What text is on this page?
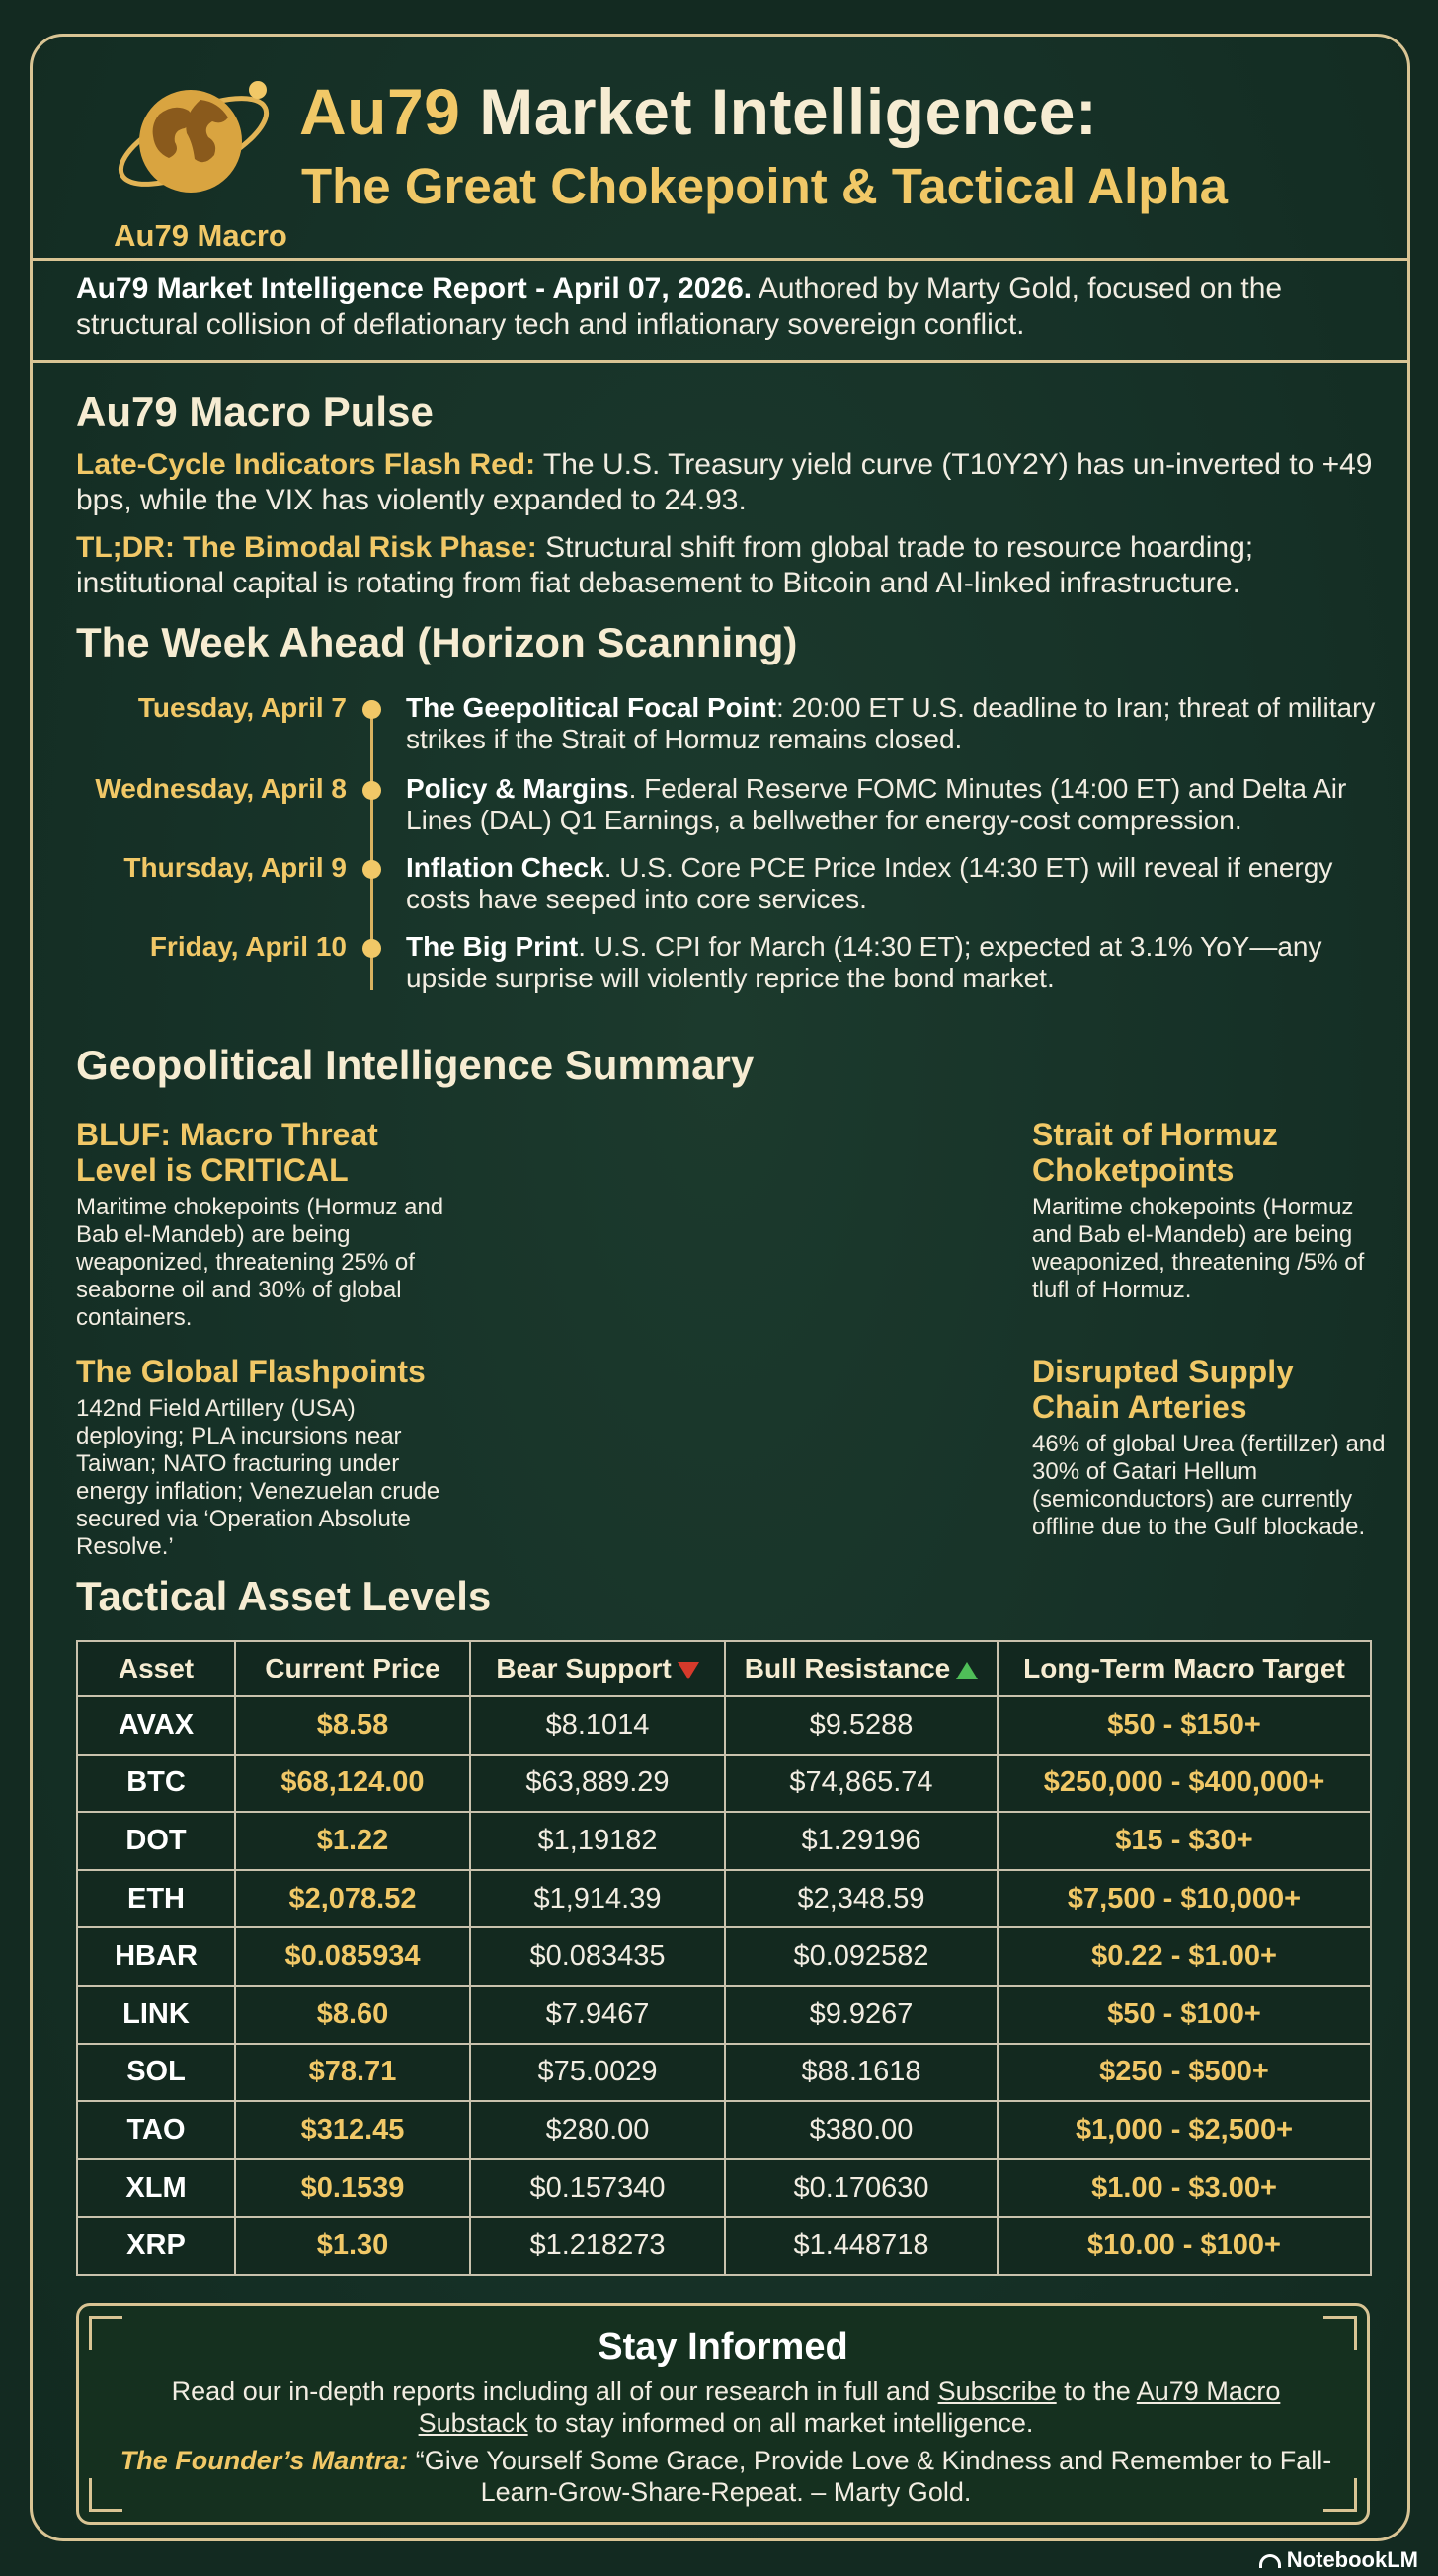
Au79 Macro
Au79 Market Intelligence:
The Great Chokepoint & Tactical Alpha
Au79 Market Intelligence Report - April 07, 2026. Authored by Marty Gold, focused on the structural collision of deflationary tech and inflationary sovereign conflict.
Au79 Macro Pulse
Late-Cycle Indicators Flash Red: The U.S. Treasury yield curve (T10Y2Y) has un-inverted to +49 bps, while the VIX has violently expanded to 24.93.
TL;DR: The Bimodal Risk Phase: Structural shift from global trade to resource hoarding; institutional capital is rotating from fiat debasement to Bitcoin and AI-linked infrastructure.
The Week Ahead (Horizon Scanning)
Tuesday, April 7 The Geepolitical Focal Point: 20:00 ET U.S. deadline to Iran; threat of military strikes if the Strait of Hormuz remains closed.
Wednesday, April 8 Policy & Margins. Federal Reserve FOMC Minutes (14:00 ET) and Delta Air Lines (DAL) Q1 Earnings, a bellwether for energy-cost compression.
Thursday, April 9 Inflation Check. U.S. Core PCE Price Index (14:30 ET) will reveal if energy costs have seeped into core services.
Friday, April 10 The Big Print. U.S. CPI for March (14:30 ET); expected at 3.1% YoY—any upside surprise will violently reprice the bond market.
Geopolitical Intelligence Summary
BLUF: Macro Threat Level is CRITICAL
Maritime chokepoints (Hormuz and Bab el-Mandeb) are being weaponized, threatening 25% of seaborne oil and 30% of global containers.
The Global Flashpoints
142nd Field Artillery (USA) deploying; PLA incursions near Taiwan; NATO fracturing under energy inflation; Venezuelan crude secured via ‘Operation Absolute Resolve.’
Strait of Hormuz Choketpoints
Maritime chokepoints (Hormuz and Bab el-Mandeb) are being weaponized, threatening /5% of tlufl of Hormuz.
Disrupted Supply Chain Arteries
46% of global Urea (fertillzer) and 30% of Gatari Hellum (semiconductors) are currently offline due to the Gulf blockade.
Tactical Asset Levels
Asset	Current Price	Bear Support	Bull Resistance	Long-Term Macro Target
AVAX	$8.58	$8.1014	$9.5288	$50 - $150+
BTC	$68,124.00	$63,889.29	$74,865.74	$250,000 - $400,000+
DOT	$1.22	$1,19182	$1.29196	$15 - $30+
ETH	$2,078.52	$1,914.39	$2,348.59	$7,500 - $10,000+
HBAR	$0.085934	$0.083435	$0.092582	$0.22 - $1.00+
LINK	$8.60	$7.9467	$9.9267	$50 - $100+
SOL	$78.71	$75.0029	$88.1618	$250 - $500+
TAO	$312.45	$280.00	$380.00	$1,000 - $2,500+
XLM	$0.1539	$0.157340	$0.170630	$1.00 - $3.00+
XRP	$1.30	$1.218273	$1.448718	$10.00 - $100+
Stay Informed
Read our in-depth reports including all of our research in full and Subscribe to the Au79 Macro Substack to stay informed on all market intelligence.
The Founder’s Mantra: “Give Yourself Some Grace, Provide Love & Kindness and Remember to Fall-Learn-Grow-Share-Repeat. – Marty Gold.
NotebookLM
